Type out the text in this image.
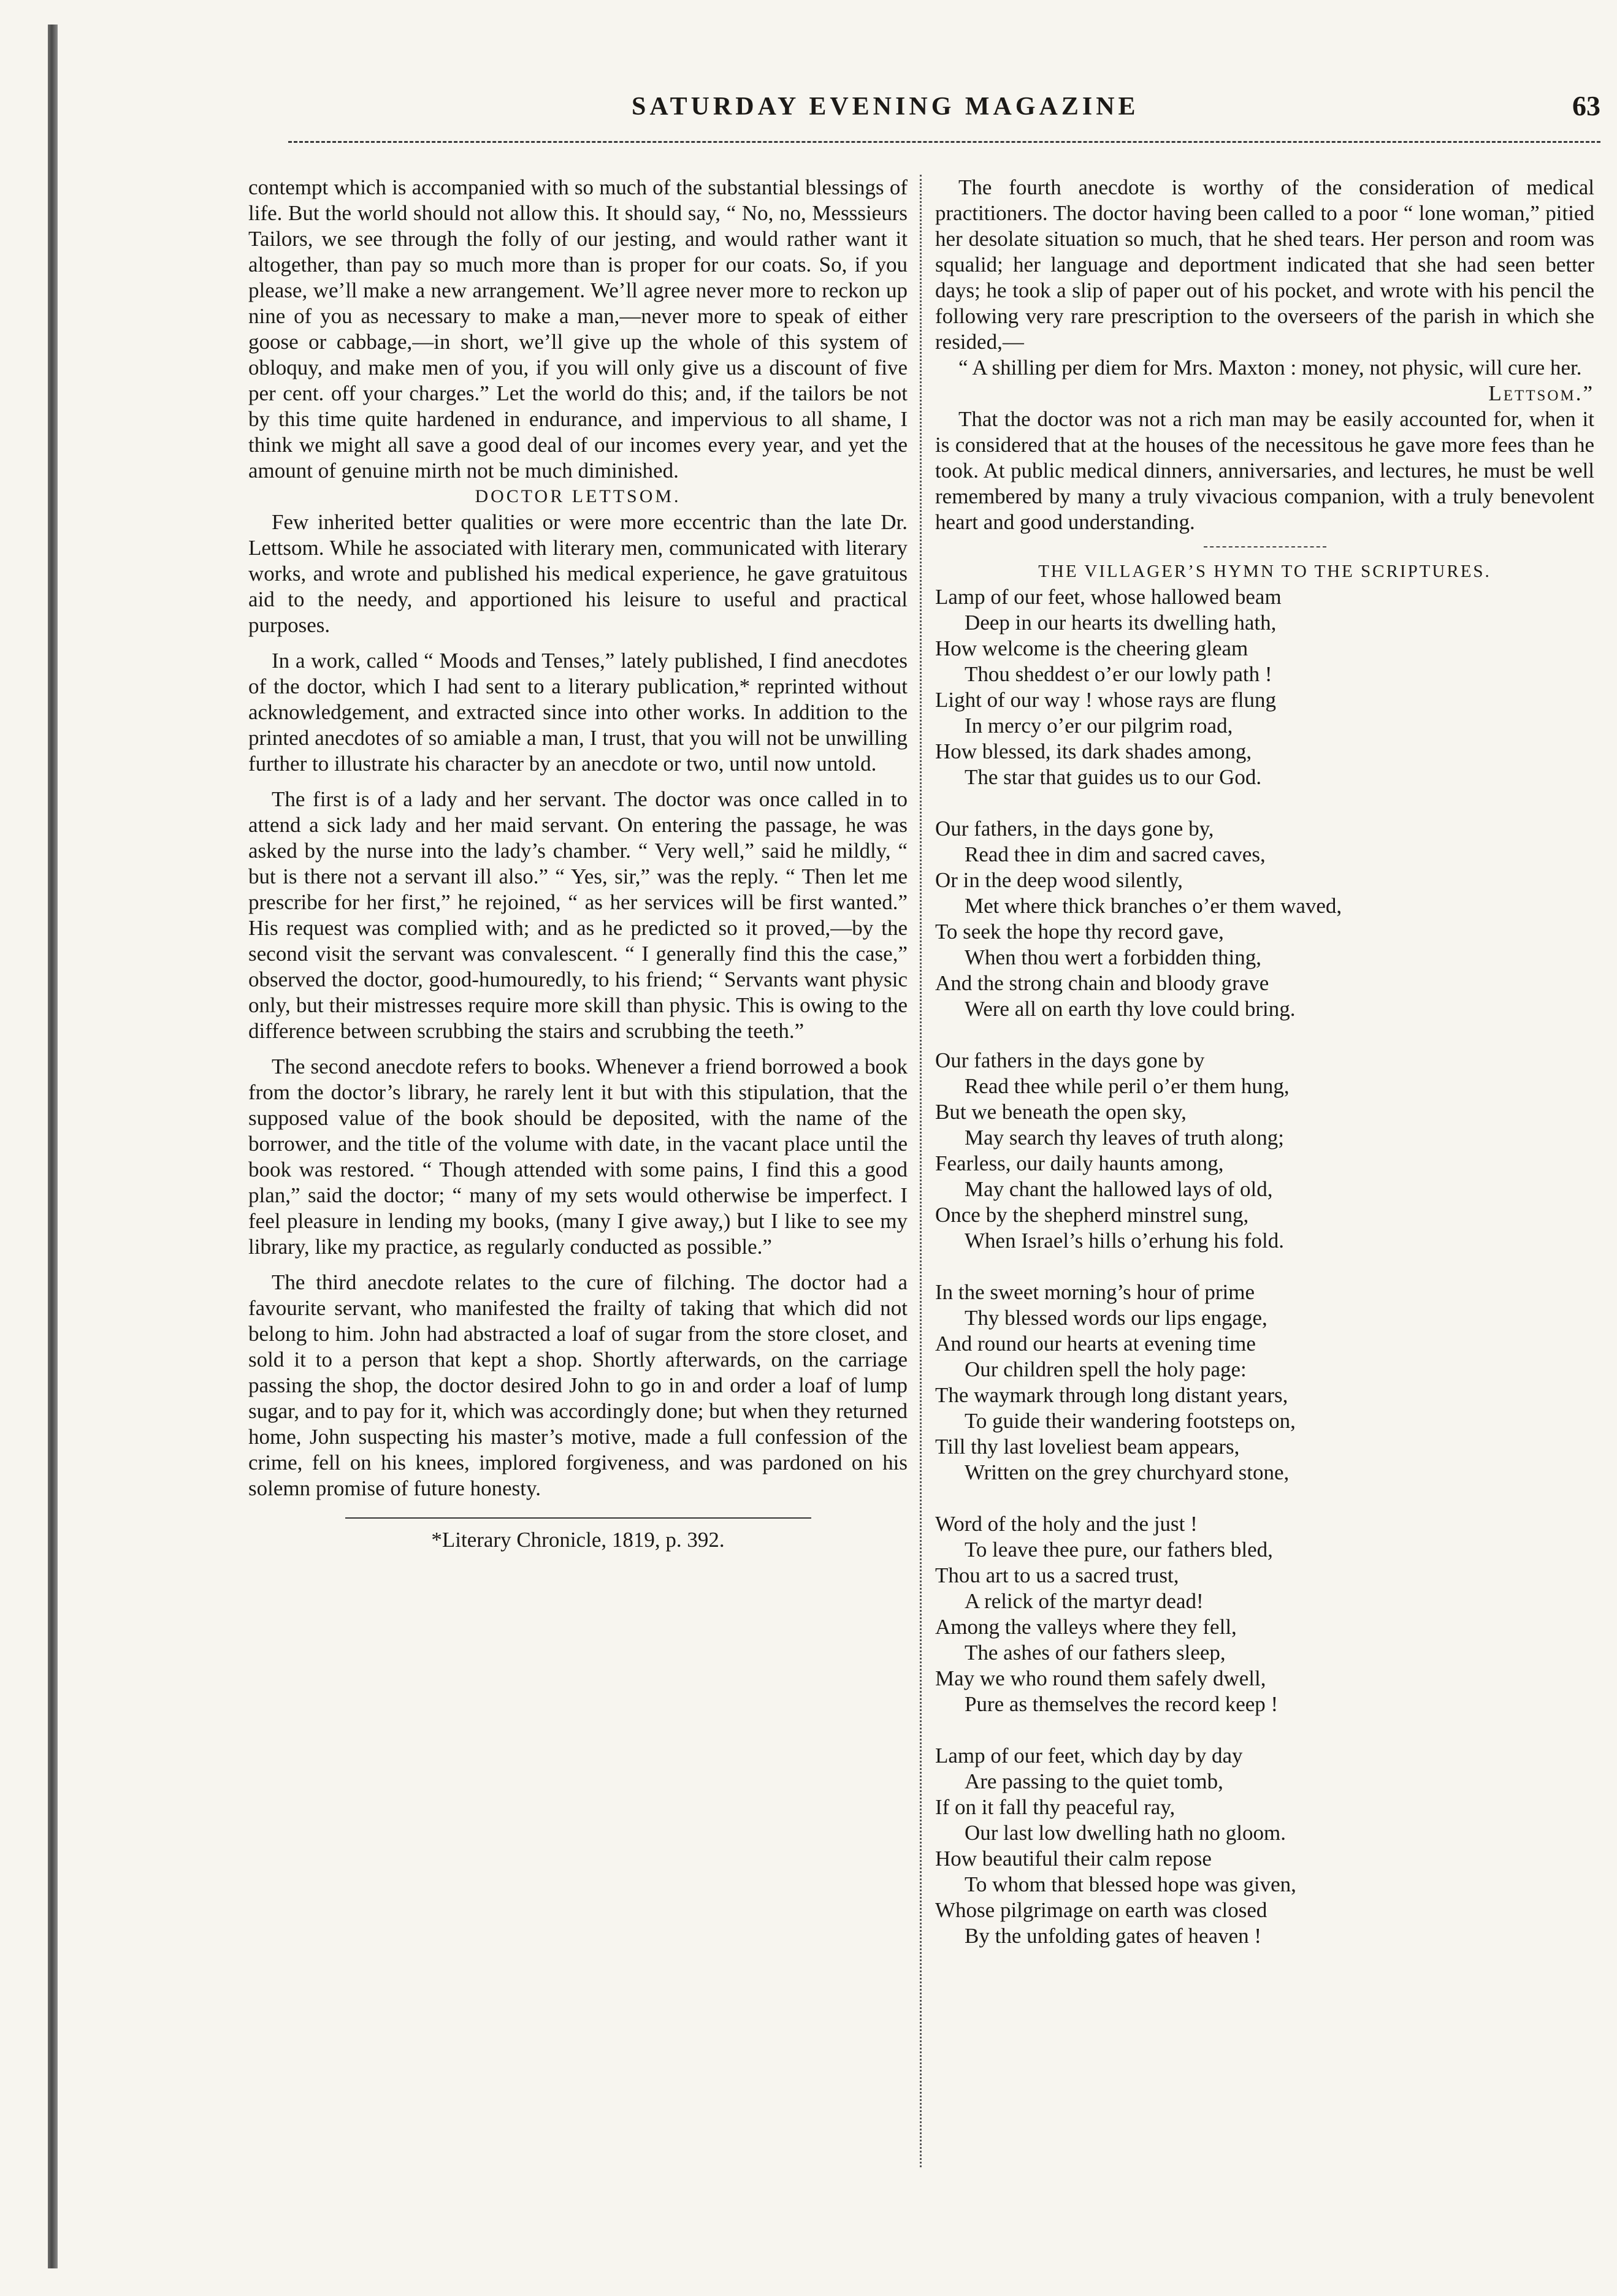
SATURDAY EVENING MAGAZINE	63

contempt which is accompanied with so much of the substantial blessings of life. But the world should not allow this. It should say, “ No, no, Messsieurs Tailors, we see through the folly of our jesting, and would rather want it altogether, than pay so much more than is proper for our coats. So, if you please, we’ll make a new arrangement. We’ll agree never more to reckon up nine of you as necessary to make a man,—never more to speak of either goose or cabbage,—in short, we’ll give up the whole of this system of obloquy, and make men of you, if you will only give us a discount of five per cent. off your charges.” Let the world do this; and, if the tailors be not by this time quite hardened in endurance, and impervious to all shame, I think we might all save a good deal of our incomes every year, and yet the amount of genuine mirth not be much diminished.

DOCTOR LETTSOM.

Few inherited better qualities or were more eccentric than the late Dr. Lettsom. While he associated with literary men, communicated with literary works, and wrote and published his medical experience, he gave gratuitous aid to the needy, and apportioned his leisure to useful and practical purposes.

In a work, called “ Moods and Tenses,” lately published, I find anecdotes of the doctor, which I had sent to a literary publication,* reprinted without acknowledgement, and extracted since into other works. In addition to the printed anecdotes of so amiable a man, I trust, that you will not be unwilling further to illustrate his character by an anecdote or two, until now untold.

The first is of a lady and her servant. The doctor was once called in to attend a sick lady and her maid servant. On entering the passage, he was asked by the nurse into the lady’s chamber. “ Very well,” said he mildly, “ but is there not a servant ill also.” “ Yes, sir,” was the reply. “ Then let me prescribe for her first,” he rejoined, “ as her services will be first wanted.” His request was complied with; and as he predicted so it proved,—by the second visit the servant was convalescent. “ I generally find this the case,” observed the doctor, good-humouredly, to his friend; “ Servants want physic only, but their mistresses require more skill than physic. This is owing to the difference between scrubbing the stairs and scrubbing the teeth.”

The second anecdote refers to books. Whenever a friend borrowed a book from the doctor’s library, he rarely lent it but with this stipulation, that the supposed value of the book should be deposited, with the name of the borrower, and the title of the volume with date, in the vacant place until the book was restored. “ Though attended with some pains, I find this a good plan,” said the doctor; “ many of my sets would otherwise be imperfect. I feel pleasure in lending my books, (many I give away,) but I like to see my library, like my practice, as regularly conducted as possible.”

The third anecdote relates to the cure of filching. The doctor had a favourite servant, who manifested the frailty of taking that which did not belong to him. John had abstracted a loaf of sugar from the store closet, and sold it to a person that kept a shop. Shortly afterwards, on the carriage passing the shop, the doctor desired John to go in and order a loaf of lump sugar, and to pay for it, which was accordingly done; but when they returned home, John suspecting his master’s motive, made a full confession of the crime, fell on his knees, implored forgiveness, and was pardoned on his solemn promise of future honesty.

*Literary Chronicle, 1819, p. 392.

The fourth anecdote is worthy of the consideration of medical practitioners. The doctor having been called to a poor “ lone woman,” pitied her desolate situation so much, that he shed tears. Her person and room was squalid; her language and deportment indicated that she had seen better days; he took a slip of paper out of his pocket, and wrote with his pencil the following very rare prescription to the overseers of the parish in which she resided,—

“ A shilling per diem for Mrs. Maxton : money, not physic, will cure her.

Lettsom.”

That the doctor was not a rich man may be easily accounted for, when it is considered that at the houses of the necessitous he gave more fees than he took. At public medical dinners, anniversaries, and lectures, he must be well remembered by many a truly vivacious companion, with a truly benevolent heart and good understanding.

THE VILLAGER’S HYMN TO THE SCRIPTURES.

Lamp of our feet, whose hallowed beam
Deep in our hearts its dwelling hath,
How welcome is the cheering gleam
Thou sheddest o’er our lowly path !
Light of our way ! whose rays are flung
In mercy o’er our pilgrim road,
How blessed, its dark shades among,
The star that guides us to our God.
Our fathers, in the days gone by,
Read thee in dim and sacred caves,
Or in the deep wood silently,
Met where thick branches o’er them waved,
To seek the hope thy record gave,
When thou wert a forbidden thing,
And the strong chain and bloody grave
Were all on earth thy love could bring.
Our fathers in the days gone by
Read thee while peril o’er them hung,
But we beneath the open sky,
May search thy leaves of truth along;
Fearless, our daily haunts among,
May chant the hallowed lays of old,
Once by the shepherd minstrel sung,
When Israel’s hills o’erhung his fold.
In the sweet morning’s hour of prime
Thy blessed words our lips engage,
And round our hearts at evening time
Our children spell the holy page:
The waymark through long distant years,
To guide their wandering footsteps on,
Till thy last loveliest beam appears,
Written on the grey churchyard stone,
Word of the holy and the just !
To leave thee pure, our fathers bled,
Thou art to us a sacred trust,
A relick of the martyr dead!
Among the valleys where they fell,
The ashes of our fathers sleep,
May we who round them safely dwell,
Pure as themselves the record keep !
Lamp of our feet, which day by day
Are passing to the quiet tomb,
If on it fall thy peaceful ray,
Our last low dwelling hath no gloom.
How beautiful their calm repose
To whom that blessed hope was given,
Whose pilgrimage on earth was closed
By the unfolding gates of heaven !
